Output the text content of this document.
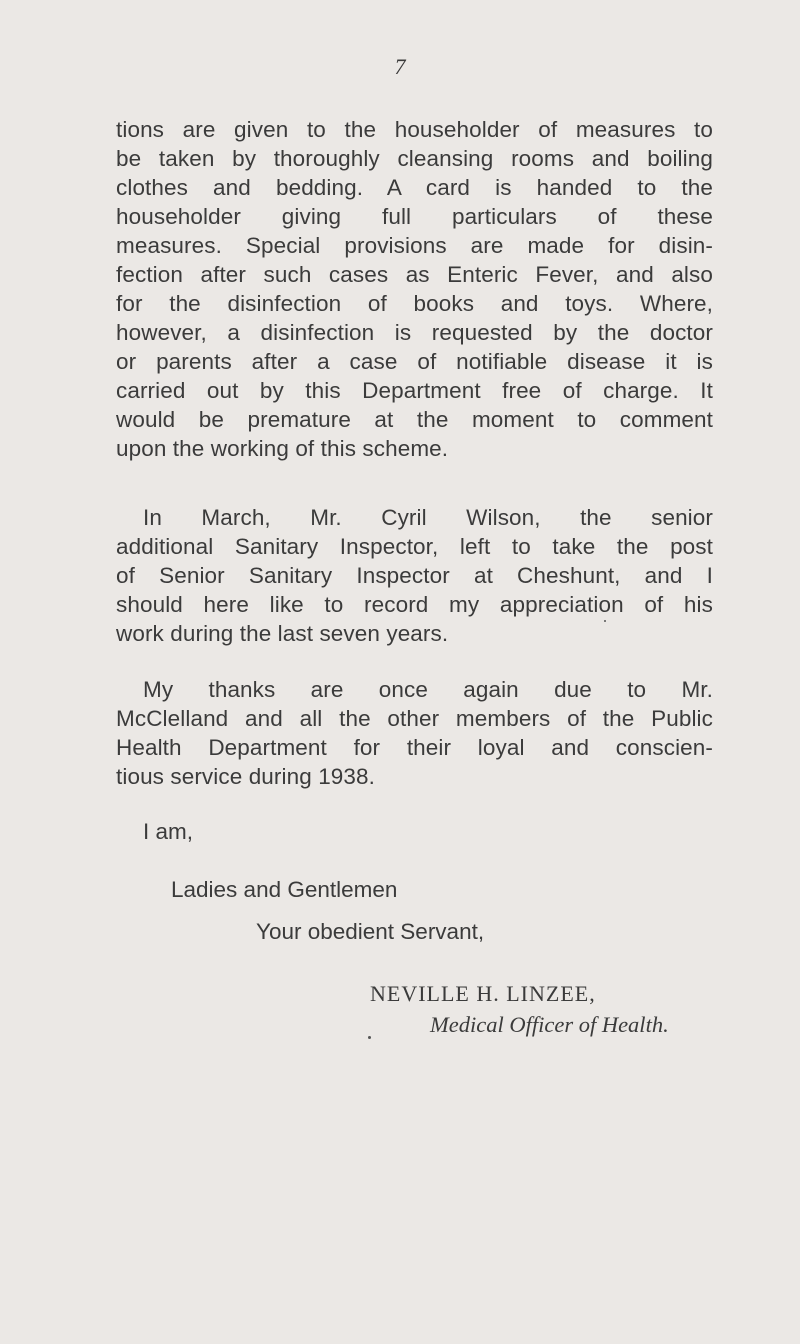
7
tions are given to the householder of measures to
be taken by thoroughly cleansing rooms and boiling
clothes and bedding. A card is handed to the
householder giving full particulars of these
measures. Special provisions are made for disin-
fection after such cases as Enteric Fever, and also
for the disinfection of books and toys. Where,
however, a disinfection is requested by the doctor
or parents after a case of notifiable disease it is
carried out by this Department free of charge. It
would be premature at the moment to comment
upon the working of this scheme.
In March, Mr. Cyril Wilson, the senior
additional Sanitary Inspector, left to take the post
of Senior Sanitary Inspector at Cheshunt, and I
should here like to record my appreciation of his
work during the last seven years.
My thanks are once again due to Mr.
McClelland and all the other members of the Public
Health Department for their loyal and conscien-
tious service during 1938.
I am,
Ladies and Gentlemen
Your obedient Servant,
NEVILLE H. LINZEE,
Medical Officer of Health.
